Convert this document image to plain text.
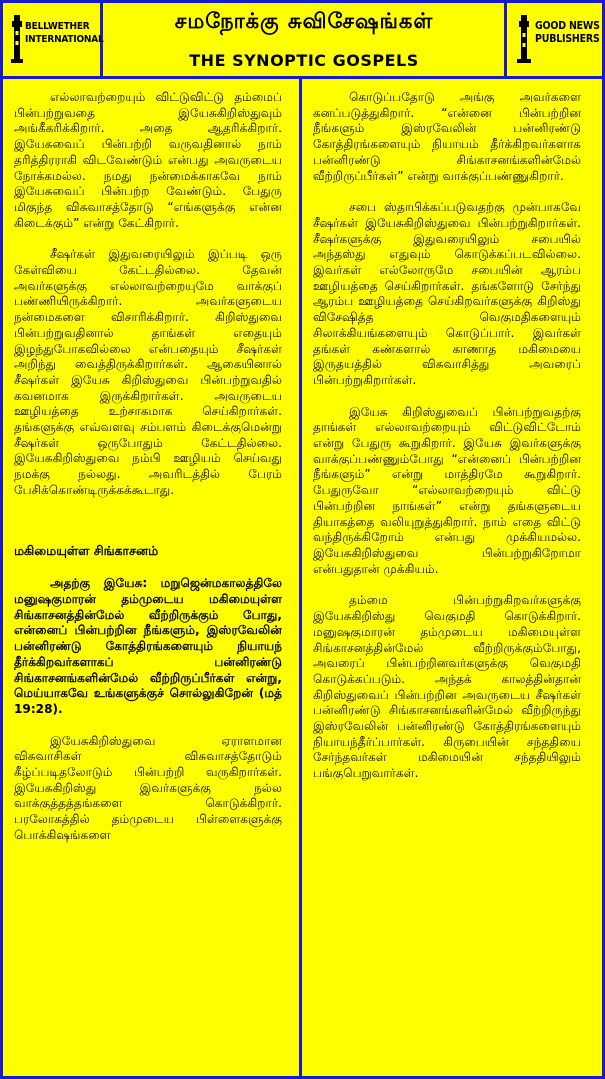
BELLWETHER
INTERNATIONAL
சமநோக்கு சுவிசேஷங்கள்
THE SYNOPTIC GOSPELS
GOOD NEWS
PUBLISHERS

எல்லாவற்றையும் விட்டுவிட்டு தம்மைப் பின்பற்றுவதை இயேசுகிறிஸ்துவும் அங்கீகரிக்கிறார். அதை ஆதரிக்கிறார். இயேசுவைப் பின்பற்றி வருவதினால் நாம் தரித்திரராகி விடவேண்டும் என்பது அவருடைய நோக்கமல்ல. நமது நன்மைக்காகவே நாம் இயேசுவைப் பின்பற்ற வேண்டும். பேதுரு மிகுந்த விசுவாசத்தோடு “எங்களுக்கு என்ன கிடைக்கும்” என்று கேட்கிறார்.

சீஷர்கள் இதுவரையிலும் இப்படி ஒரு கேள்வியை கேட்டதில்லை. தேவன் அவர்களுக்கு எல்லாவற்றையுமே வாக்குப் பண்ணியிருக்கிறார். அவர்களுடைய நன்மைகளை விசாரிக்கிறார். கிறிஸ்துவை பின்பற்றுவதினால் தாங்கள் எதையும் இழந்துபோகவில்லை என்பதையும் சீஷர்கள் அறிந்து வைத்திருக்கிறார்கள். ஆகையினால் சீஷர்கள் இயேசு கிறிஸ்துவை பின்பற்றுவதில் கவனமாக இருக்கிறார்கள். அவருடைய ஊழியத்தை உற்சாகமாக செய்கிறார்கள். தங்களுக்கு எவ்வளவு சம்பளம் கிடைக்குமென்று சீஷர்கள் ஒருபோதும் கேட்டதில்லை. இயேசுகிறிஸ்துவை நம்பி ஊழியம் செய்வது நமக்கு நல்லது. அவரிடத்தில் பேரம் பேசிக்கொண்டிருக்கக்கூடாது.

மகிமையுள்ள சிங்காசனம்

அதற்கு இயேசு: மறுஜென்மகாலத்திலே மனுஷகுமாரன் தம்முடைய மகிமையுள்ள சிங்காசனத்தின்மேல் வீற்றிருக்கும் போது, என்னைப் பின்பற்றின நீங்களும், இஸ்ரவேலின் பன்னிரண்டு கோத்திரங்களையும் நியாயந் தீர்க்கிறவர்களாகப் பன்னிரண்டு சிங்காசனங்களின்மேல் வீற்றிருப்பீர்கள் என்று, மெய்யாகவே உங்களுக்குச் சொல்லுகிறேன் (மத் 19:28).

இயேசுகிறிஸ்துவை ஏராளமான விசுவாசிகள் விசுவாசத்தோடும் கீழ்ப்படிதலோடும் பின்பற்றி வருகிறார்கள். இயேசுகிறிஸ்து இவர்களுக்கு நல்ல வாக்குத்தத்தங்களை கொடுக்கிறார். பரலோகத்தில் தம்முடைய பிள்ளைகளுக்கு பொக்கிஷங்களை

கொடுப்பதோடு அங்கு அவர்களை கனப்படுத்துகிறார். “என்னை பின்பற்றின நீங்களும் இஸ்ரவேலின் பன்னிரண்டு கோத்திரங்களையும் நியாயம் தீர்க்கிறவர்களாக பன்னிரண்டு சிங்காசனங்களின்மேல் வீற்றிருப்பீர்கள்” என்று வாக்குப்பண்ணுகிறார்.

சபை ஸ்தாபிக்கப்படுவதற்கு முன்பாகவே சீஷர்கள் இயேசுகிறிஸ்துவை பின்பற்றுகிறார்கள். சீஷர்களுக்கு இதுவரையிலும் சபையில் அந்தஸ்து எதுவும் கொடுக்கப்படவில்லை. இவர்கள் எல்லோருமே சபையின் ஆரம்ப ஊழியத்தை செய்கிறார்கள். தங்களோடு சேர்ந்து ஆரம்ப ஊழியத்தை செய்கிறவர்களுக்கு கிறிஸ்து விசேஷித்த வெகுமதிகளையும் சிலாக்கியங்களையும் கொடுப்பார். இவர்கள் தங்கள் கண்களால் காணாத மகிமையை இருதயத்தில் விசுவாசித்து அவரைப் பின்பற்றுகிறார்கள்.

இயேசு கிறிஸ்துவைப் பின்பற்றுவதற்கு தாங்கள் எல்லாவற்றையும் விட்டுவிட்டோம் என்று பேதுரு கூறுகிறார். இயேசு இவர்களுக்கு வாக்குப்பண்ணும்போது “என்னைப் பின்பற்றின நீங்களும்” என்று மாத்திரமே கூறுகிறார். பேதுருவோ “எல்லாவற்றையும் விட்டு பின்பற்றின நாங்கள்” என்று தங்களுடைய தியாகத்தை வலியுறுத்துகிறார். நாம் எதை விட்டு வந்திருக்கிறோம் என்பது முக்கியமல்ல. இயேசுகிறிஸ்துவை பின்பற்றுகிறோமா என்பதுதான் முக்கியம்.

தம்மை பின்பற்றுகிறவர்களுக்கு இயேசுகிறிஸ்து வெகுமதி கொடுக்கிறார். மனுஷகுமாரன் தம்முடைய மகிமையுள்ள சிங்காசனத்தின்மேல் வீற்றிருக்கும்போது, அவரைப் பின்பற்றினவர்களுக்கு வெகுமதி கொடுக்கப்படும். அந்தக் காலத்தின்தான் கிறிஸ்துவைப் பின்பற்றின அவருடைய சீஷர்கள் பன்னிரண்டு சிங்காசனங்களின்மேல் வீற்றிருந்து இஸ்ரவேலின் பன்னிரண்டு கோத்திரங்களையும் நியாயந்தீர்ப்பார்கள். கிருபையின் சந்ததியை சேர்ந்தவர்கள் மகிமையின் சந்ததியிலும் பங்குபெறுவார்கள்.
